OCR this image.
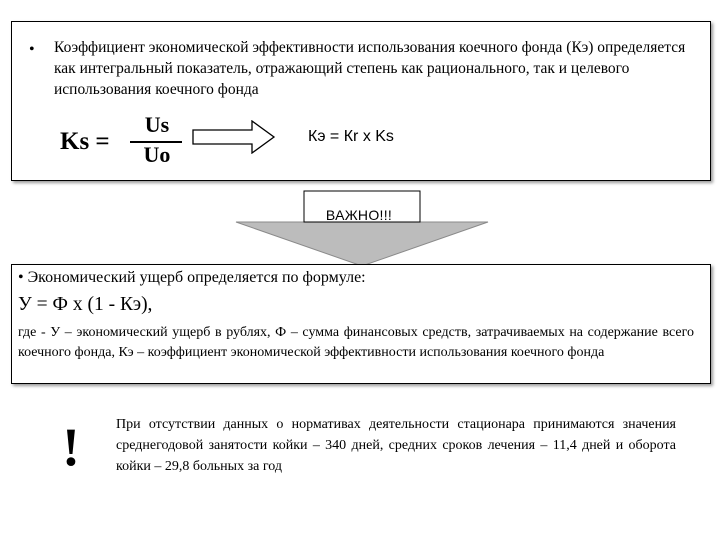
• Коэффициент экономической эффективности использования коечного фонда (Кэ) определяется как интегральный показатель, отражающий степень как рационального, так и целевого использования коечного фонда
Ks =
Us
Uo
Кэ = Кr x Ks
ВАЖНО!!!
• Экономический ущерб определяется по формуле:
У = Ф х (1 - Кэ),
где - У – экономический ущерб в рублях, Ф – сумма финансовых средств, затрачиваемых на содержание всего коечного фонда, Кэ – коэффициент экономической эффективности использования коечного фонда
!	При отсутствии данных о нормативах деятельности стационара принимаются значения среднегодовой занятости койки – 340 дней, средних сроков лечения – 11,4 дней и оборота койки – 29,8 больных за год
